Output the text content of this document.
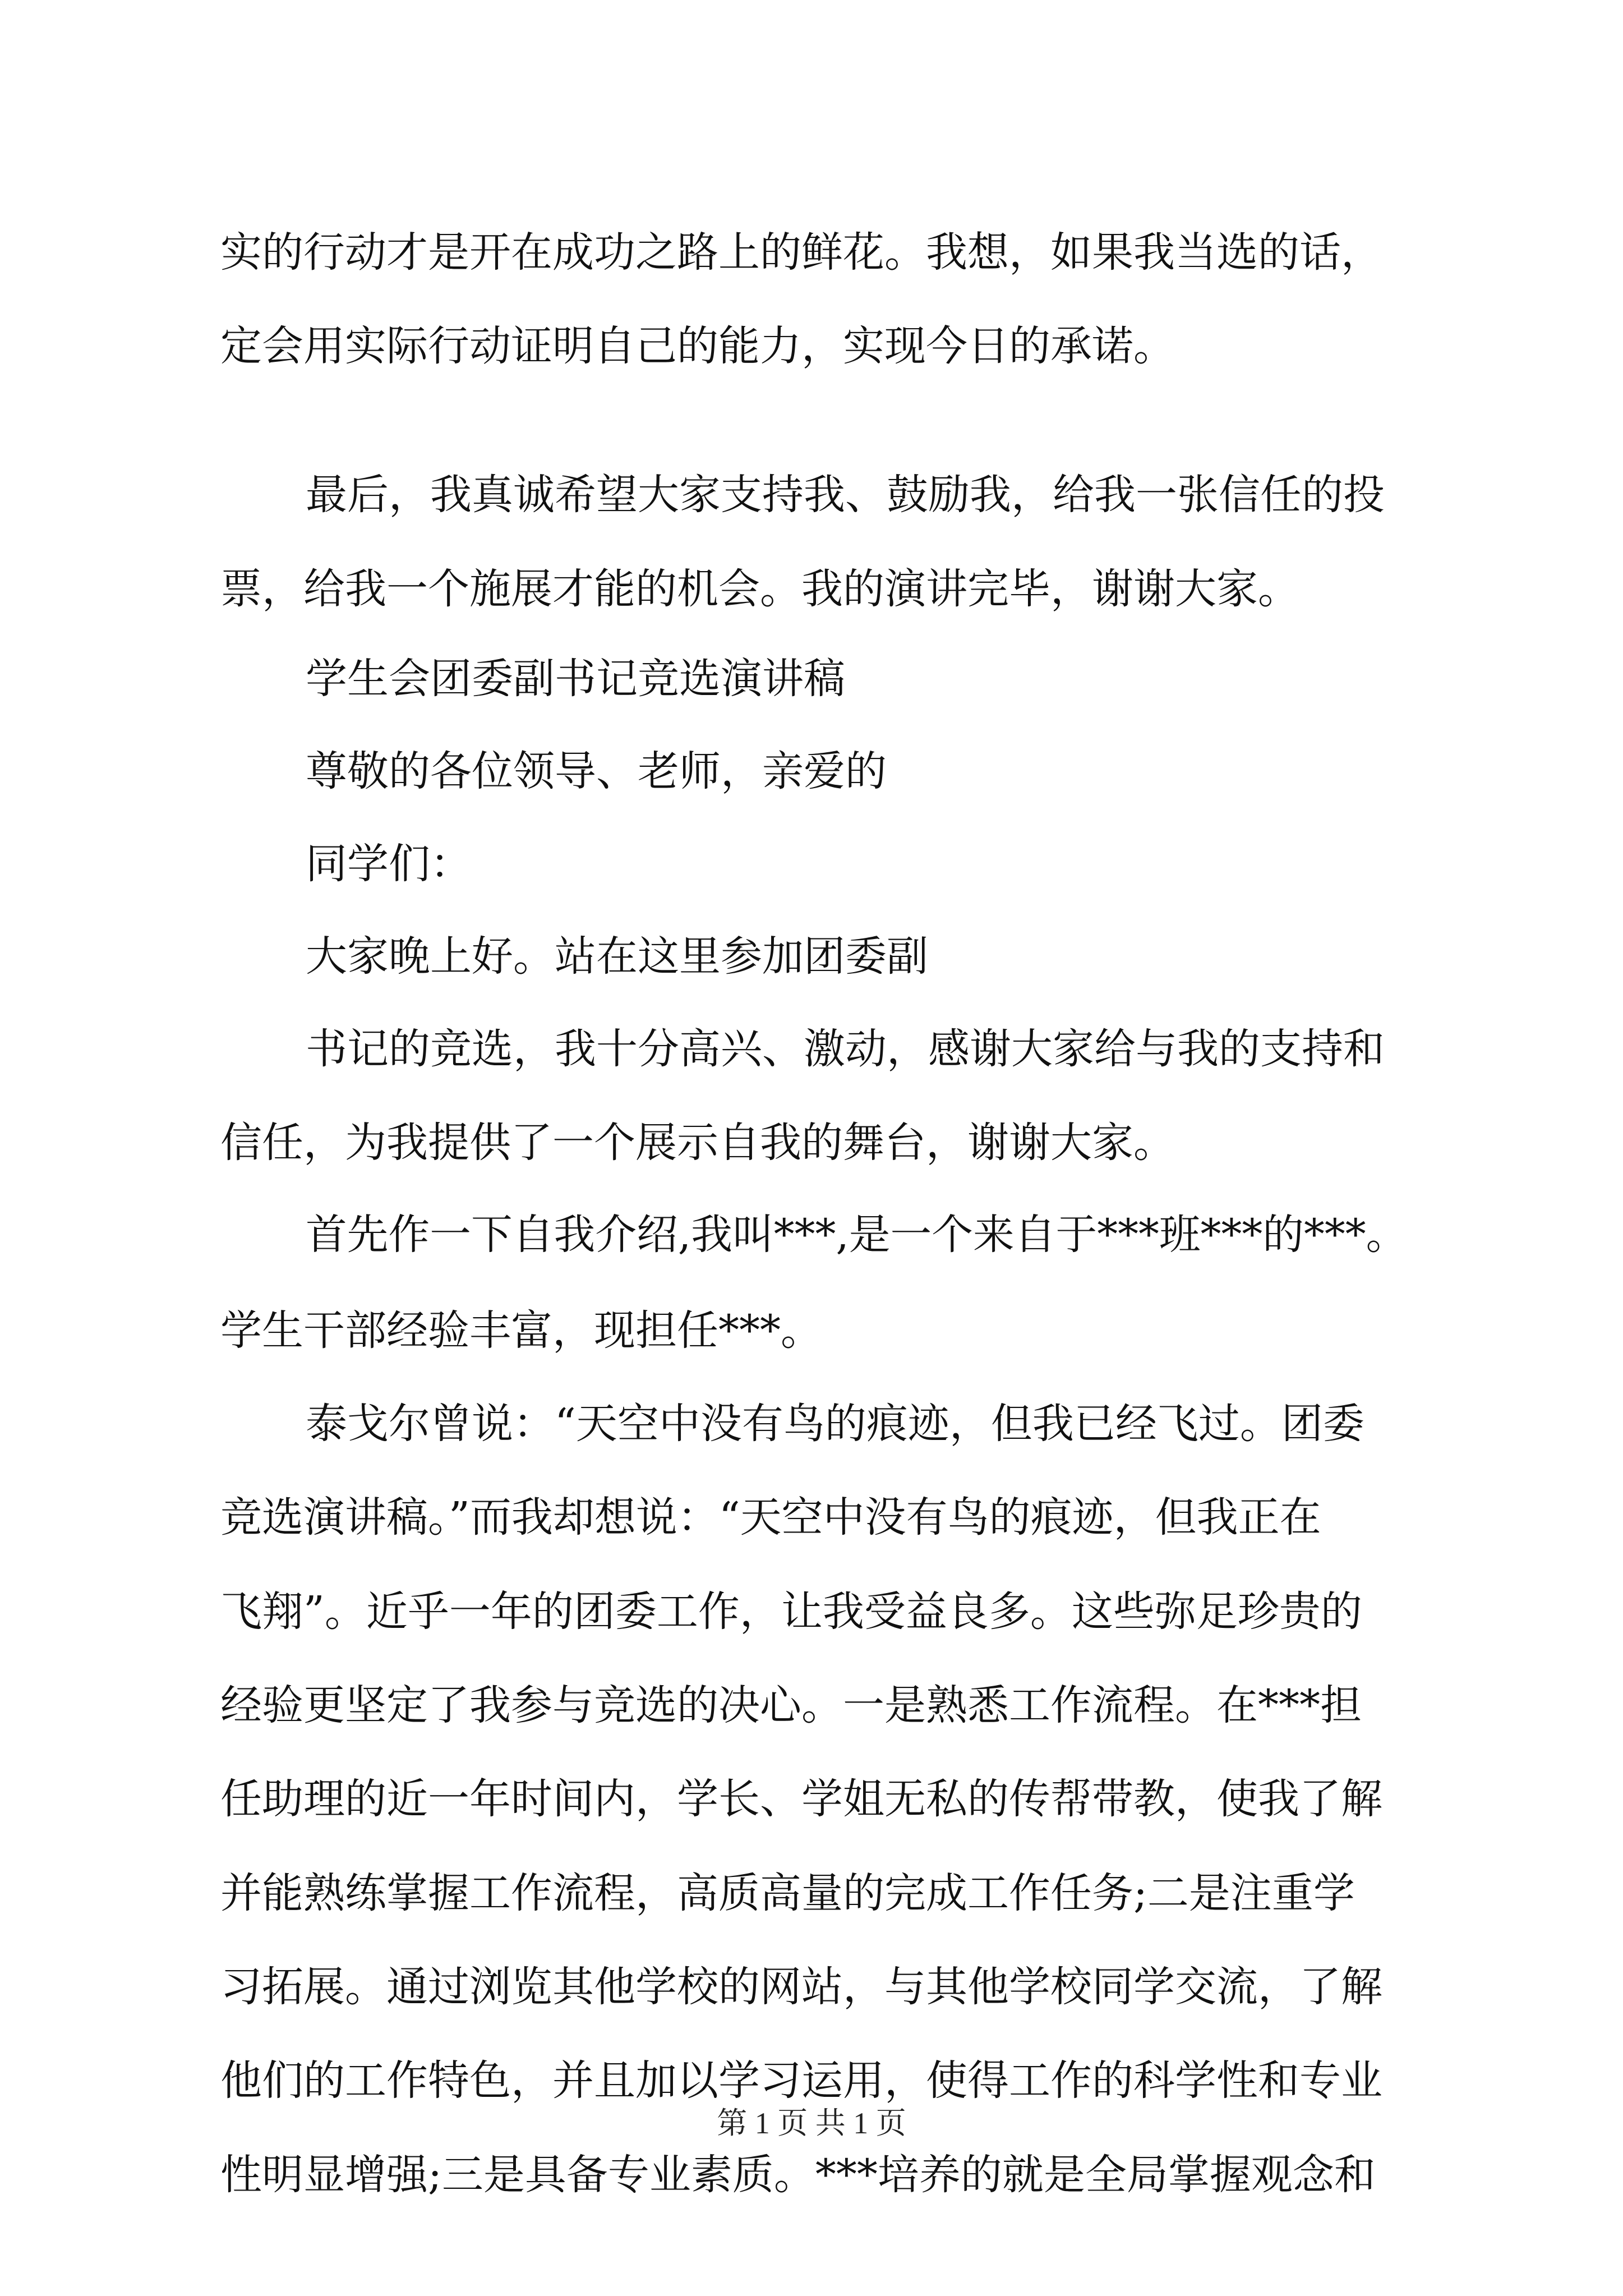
实的行动才是开在成功之路上的鲜花。我想，如果我当选的话，
定会用实际行动证明自己的能力，实现今日的承诺。
最后，我真诚希望大家支持我、鼓励我，给我一张信任的投
票，给我一个施展才能的机会。我的演讲完毕，谢谢大家。
学生会团委副书记竞选演讲稿
尊敬的各位领导、老师，亲爱的
同学们：
大家晚上好。站在这里参加团委副
书记的竞选，我十分高兴、激动，感谢大家给与我的支持和
信任，为我提供了一个展示自我的舞台，谢谢大家。
首先作一下自我介绍,我叫***,是一个来自于***班***的***。
学生干部经验丰富，现担任***。
泰戈尔曾说：“天空中没有鸟的痕迹，但我已经飞过。团委
竞选演讲稿。”而我却想说：“天空中没有鸟的痕迹，但我正在
飞翔”。近乎一年的团委工作，让我受益良多。这些弥足珍贵的
经验更坚定了我参与竞选的决心。一是熟悉工作流程。在***担
任助理的近一年时间内，学长、学姐无私的传帮带教，使我了解
并能熟练掌握工作流程，高质高量的完成工作任务;二是注重学
习拓展。通过浏览其他学校的网站，与其他学校同学交流，了解
他们的工作特色，并且加以学习运用，使得工作的科学性和专业
性明显增强;三是具备专业素质。***培养的就是全局掌握观念和
第 1 页 共 1 页
